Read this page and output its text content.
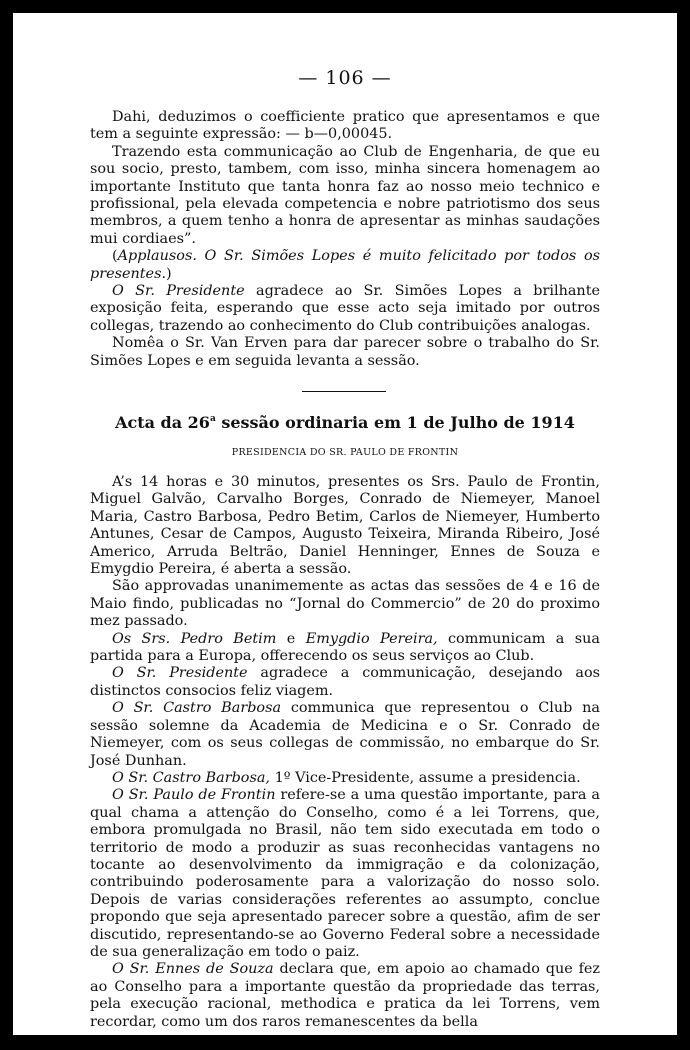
— 106 —

Dahi, deduzimos o coefficiente pratico que apresentamos e que tem a seguinte expressão: — b—0,00045.

Trazendo esta communicação ao Club de Engenharia, de que eu sou socio, presto, tambem, com isso, minha sincera homenagem ao importante Instituto que tanta honra faz ao nosso meio technico e profissional, pela elevada competencia e nobre patriotismo dos seus membros, a quem tenho a honra de apresentar as minhas saudações mui cordiaes”.

(Applausos. O Sr. Simões Lopes é muito felicitado por todos os presentes.)

O Sr. Presidente agradece ao Sr. Simões Lopes a brilhante exposição feita, esperando que esse acto seja imitado por outros collegas, trazendo ao conhecimento do Club contribuições analogas.

Nomêa o Sr. Van Erven para dar parecer sobre o trabalho do Sr. Simões Lopes e em seguida levanta a sessão.

Acta da 26$^a$ sessão ordinaria em 1 de Julho de 1914
PRESIDENCIA DO SR. PAULO DE FRONTIN

A’s 14 horas e 30 minutos, presentes os Srs. Paulo de Frontin, Miguel Galvão, Carvalho Borges, Conrado de Niemeyer, Manoel Maria, Castro Barbosa, Pedro Betim, Carlos de Niemeyer, Humberto Antunes, Cesar de Campos, Augusto Teixeira, Miranda Ribeiro, José Americo, Arruda Beltrão, Daniel Henninger, Ennes de Souza e Emygdio Pereira, é aberta a sessão.

São approvadas unanimemente as actas das sessões de 4 e 16 de Maio findo, publicadas no “Jornal do Commercio” de 20 do proximo mez passado.

Os Srs. Pedro Betim e Emygdio Pereira, communicam a sua partida para a Europa, offerecendo os seus serviços ao Club.

O Sr. Presidente agradece a communicação, desejando aos distinctos consocios feliz viagem.

O Sr. Castro Barbosa communica que representou o Club na sessão solemne da Academia de Medicina e o Sr. Conrado de Niemeyer, com os seus collegas de commissão, no embarque do Sr. José Dunhan.

O Sr. Castro Barbosa, 1º Vice-Presidente, assume a presidencia.

O Sr. Paulo de Frontin refere-se a uma questão importante, para a qual chama a attenção do Conselho, como é a lei Torrens, que, embora promulgada no Brasil, não tem sido executada em todo o territorio de modo a produzir as suas reconhecidas vantagens no tocante ao desenvolvimento da immigração e da colonização, contribuindo poderosamente para a valorização do nosso solo. Depois de varias considerações referentes ao assumpto, conclue propondo que seja apresentado parecer sobre a questão, afim de ser discutido, representando-se ao Governo Federal sobre a necessidade de sua generalização em todo o paiz.

O Sr. Ennes de Souza declara que, em apoio ao chamado que fez ao Conselho para a importante questão da propriedade das terras, pela execução racional, methodica e pratica da lei Torrens, vem recordar, como um dos raros remanescentes da bella
